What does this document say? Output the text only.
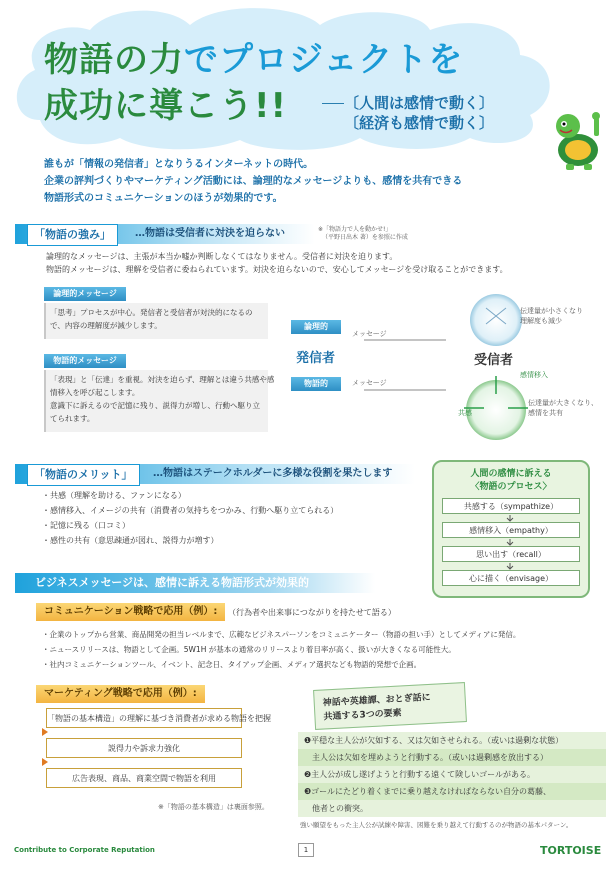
物語の力でプロジェクトを
成功に導こう!!	〔人間は感情で動く〕
〔経済も感情で動く〕
誰もが「情報の発信者」となりうるインターネットの時代。
企業の評判づくりやマーケティング活動には、論理的なメッセージよりも、感情を共有できる
物語形式のコミュニケーションのほうが効果的です。
「物語の強み」	…物語は受信者に対決を迫らない	※「物語力で人を動かせ!」
（平野日出木 著）を参照に作成
論理的なメッセージは、主張が本当か嘘か判断しなくてはなりません。受信者に対決を迫ります。
物語的メッセージは、理解を受信者に委ねられています。対決を迫らないので、安心してメッセージを受け取ることができます。
論理的メッセージ
「思考」プロセスが中心。発信者と受信者が対決的になるの
で、内容の理解度が減少します。
物語的メッセージ
「表現」と「伝達」を重視。対決を迫らず、理解とは違う共感や感
情移入を呼び起こします。
意識下に訴えるので記憶に残り、説得力が増し、行動へ駆り立
てられます。
論理的
物語的
発信者	受信者
メッセージ
メッセージ
伝達量が小さくなり
理解度も減少
感情移入
共感
伝達量が大きくなり、
感情を共有
「物語のメリット」	…物語はステークホルダーに多様な役割を果たします
・共感（理解を助ける、ファンになる）
・感情移入、イメージの共有（消費者の気持ちをつかみ、行動へ駆り立てられる）
・記憶に残る（口コミ）
・感性の共有（意思疎通が図れ、説得力が増す）
人間の感情に訴える
〈物語のプロセス〉
共感する（sympathize）
感情移入（empathy）
思い出す（recall）
心に描く（envisage）
ビジネスメッセージは、感情に訴える物語形式が効果的
コミュニケーション戦略で応用（例）:	（行為者や出来事につながりを持たせて語る）
・企業のトップから営業、商品開発の担当レベルまで、広範なビジネスパーソンをコミュニケーター（物語の担い手）としてメディアに発信。
・ニュースリリースは、物語として企画。5W1H が基本の通常のリリースより着目率が高く、扱いが大きくなる可能性大。
・社内コミュニケーションツール、イベント、記念日、タイアップ企画、メディア選択なども物語的発想で企画。
マーケティング戦略で応用（例）:
「物語の基本構造」の理解に基づき消費者が求める物語を把握
説得力や訴求力強化
広告表現、商品、商業空間で物語を利用
※「物語の基本構造」は裏面参照。
神話や英雄譚、おとぎ話に
共通する3つの要素
❶平穏な主人公が欠如する、又は欠如させられる。（或いは過剰な状態）
　主人公は欠如を埋めようと行動する。（或いは過剰感を放出する）
❷主人公が成し遂げようと行動する遠くて険しいゴールがある。
❸ゴールにたどり着くまでに乗り越えなければならない自分の葛藤、
　他者との衝突。
強い願望をもった主人公が試練や障害、困難を乗り越えて行動するのが物語の基本パターン。
Contribute to Corporate Reputation	1	TORTOISE
